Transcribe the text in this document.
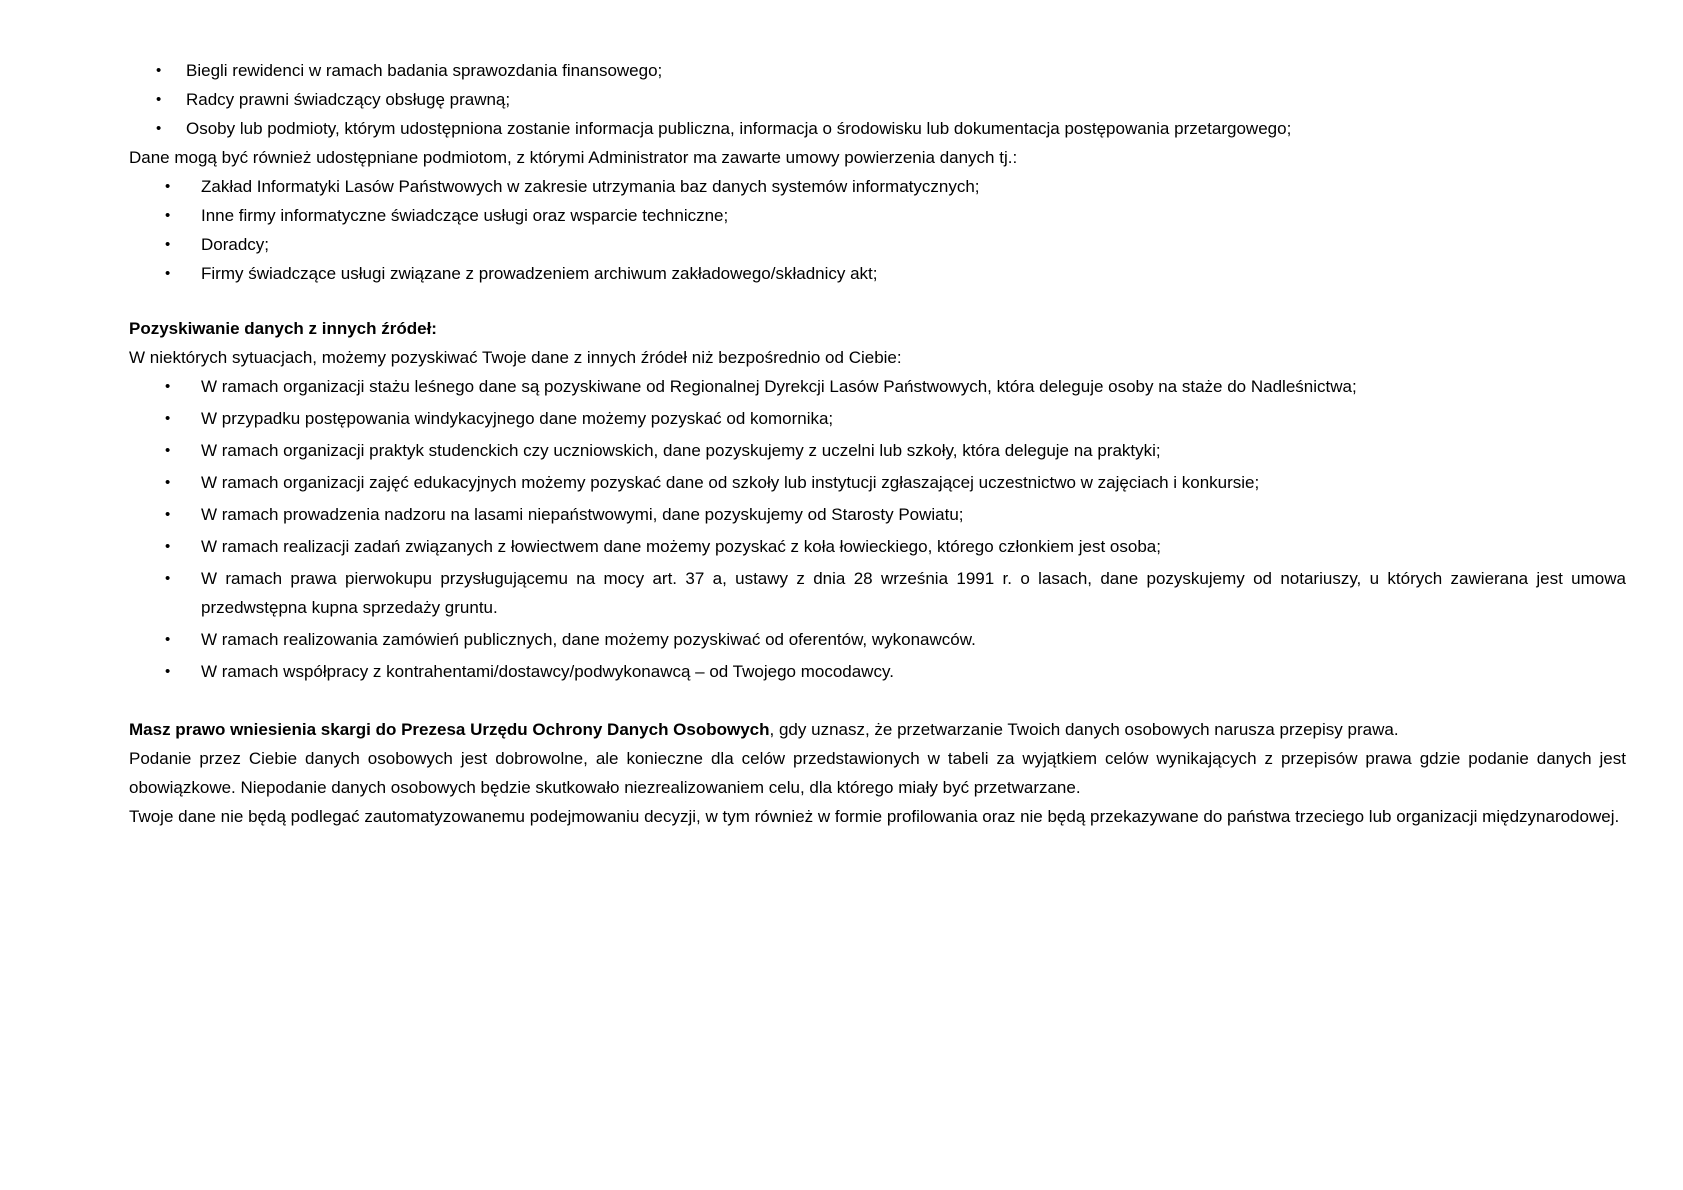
• Biegli rewidenci w ramach badania sprawozdania finansowego;
• Radcy prawni świadczący obsługę prawną;
• Osoby lub podmioty, którym udostępniona zostanie informacja publiczna, informacja o środowisku lub dokumentacja postępowania przetargowego;

Dane mogą być również udostępniane podmiotom, z którymi Administrator ma zawarte umowy powierzenia danych tj.:

• Zakład Informatyki Lasów Państwowych w zakresie utrzymania baz danych systemów informatycznych;
• Inne firmy informatyczne świadczące usługi oraz wsparcie techniczne;
• Doradcy;
• Firmy świadczące usługi związane z prowadzeniem archiwum zakładowego/składnicy akt;

Pozyskiwanie danych z innych źródeł:

W niektórych sytuacjach, możemy pozyskiwać Twoje dane z innych źródeł niż bezpośrednio od Ciebie:

• W ramach organizacji stażu leśnego dane są pozyskiwane od Regionalnej Dyrekcji Lasów Państwowych, która deleguje osoby na staże do Nadleśnictwa;
• W przypadku postępowania windykacyjnego dane możemy pozyskać od komornika;
• W ramach organizacji praktyk studenckich czy uczniowskich, dane pozyskujemy z uczelni lub szkoły, która deleguje na praktyki;
• W ramach organizacji zajęć edukacyjnych możemy pozyskać dane od szkoły lub instytucji zgłaszającej uczestnictwo w zajęciach i konkursie;
• W ramach prowadzenia nadzoru na lasami niepaństwowymi, dane pozyskujemy od Starosty Powiatu;
• W ramach realizacji zadań związanych z łowiectwem dane możemy pozyskać z koła łowieckiego, którego członkiem jest osoba;
• W ramach prawa pierwokupu przysługującemu na mocy art. 37 a, ustawy z dnia 28 września 1991 r. o lasach, dane pozyskujemy od notariuszy, u których zawierana jest umowa przedwstępna kupna sprzedaży gruntu.
• W ramach realizowania zamówień publicznych, dane możemy pozyskiwać od oferentów, wykonawców.
• W ramach współpracy z kontrahentami/dostawcy/podwykonawcą – od Twojego mocodawcy.

Masz prawo wniesienia skargi do Prezesa Urzędu Ochrony Danych Osobowych, gdy uznasz, że przetwarzanie Twoich danych osobowych narusza przepisy prawa.

Podanie przez Ciebie danych osobowych jest dobrowolne, ale konieczne dla celów przedstawionych w tabeli za wyjątkiem celów wynikających z przepisów prawa gdzie podanie danych jest obowiązkowe. Niepodanie danych osobowych będzie skutkowało niezrealizowaniem celu, dla którego miały być przetwarzane.

Twoje dane nie będą podlegać zautomatyzowanemu podejmowaniu decyzji, w tym również w formie profilowania oraz nie będą przekazywane do państwa trzeciego lub organizacji międzynarodowej.
